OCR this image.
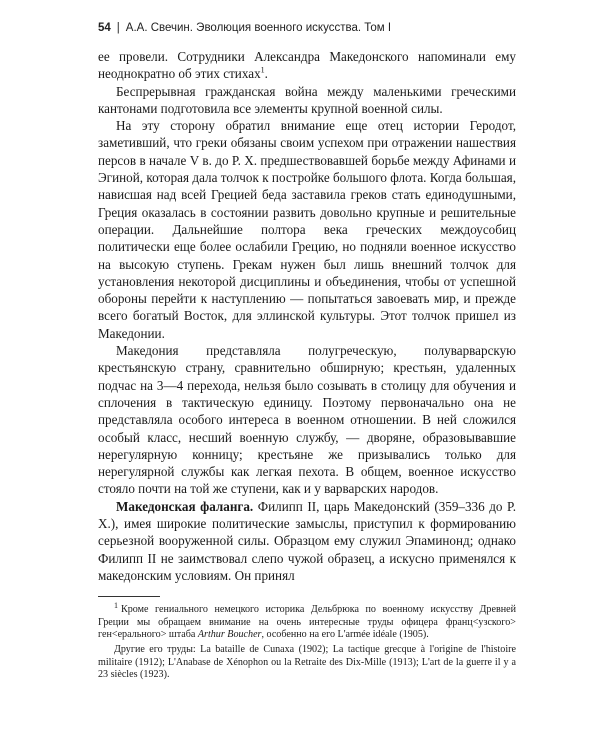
54 | А.А. Свечин. Эволюция военного искусства. Том I

ее провели. Сотрудники Александра Македонского напоминали ему неоднократно об этих стихах$^1$.

Беспрерывная гражданская война между маленькими греческими кантонами подготовила все элементы крупной военной силы.

На эту сторону обратил внимание еще отец истории Геродот, заметивший, что греки обязаны своим успехом при отражении нашествия персов в начале V в. до Р. Х. предшествовавшей борьбе между Афинами и Эгиной, которая дала толчок к постройке большого флота. Когда большая, нависшая над всей Грецией беда заставила греков стать единодушными, Греция оказалась в состоянии развить довольно крупные и решительные операции. Дальнейшие полтора века греческих междоусобиц политически еще более ослабили Грецию, но подняли военное искусство на высокую ступень. Грекам нужен был лишь внешний толчок для установления некоторой дисциплины и объединения, чтобы от успешной обороны перейти к наступлению — попытаться завоевать мир, и прежде всего богатый Восток, для эллинской культуры. Этот толчок пришел из Македонии.

Македония представляла полугреческую, полуварварскую крестьянскую страну, сравнительно обширную; крестьян, удаленных подчас на 3—4 перехода, нельзя было созывать в столицу для обучения и сплочения в тактическую единицу. Поэтому первоначально она не представляла особого интереса в военном отношении. В ней сложился особый класс, несший военную службу, — дворяне, образовывавшие нерегулярную конницу; крестьяне же призывались только для нерегулярной службы как легкая пехота. В общем, военное искусство стояло почти на той же ступени, как и у варварских народов.

Македонская фаланга. Филипп II, царь Македонский (359–336 до Р. Х.), имея широкие политические замыслы, приступил к формированию серьезной вооруженной силы. Образцом ему служил Эпаминонд; однако Филипп II не заимствовал слепо чужой образец, а искусно применялся к македонским условиям. Он принял

$^1$ Кроме гениального немецкого историка Дельбрюка по военному искусству Древней Греции мы обращаем внимание на очень интересные труды офицера франц<узского> ген<ерального> штаба Arthur Boucher, особенно на его L'armée idéale (1905).

Другие его труды: La bataille de Cunaxa (1902); La tactique grecque à l'origine de l'histoire militaire (1912); L'Anabase de Xénophon ou la Retraite des Dix-Mille (1913); L'art de la guerre il y a 23 siècles (1923).
